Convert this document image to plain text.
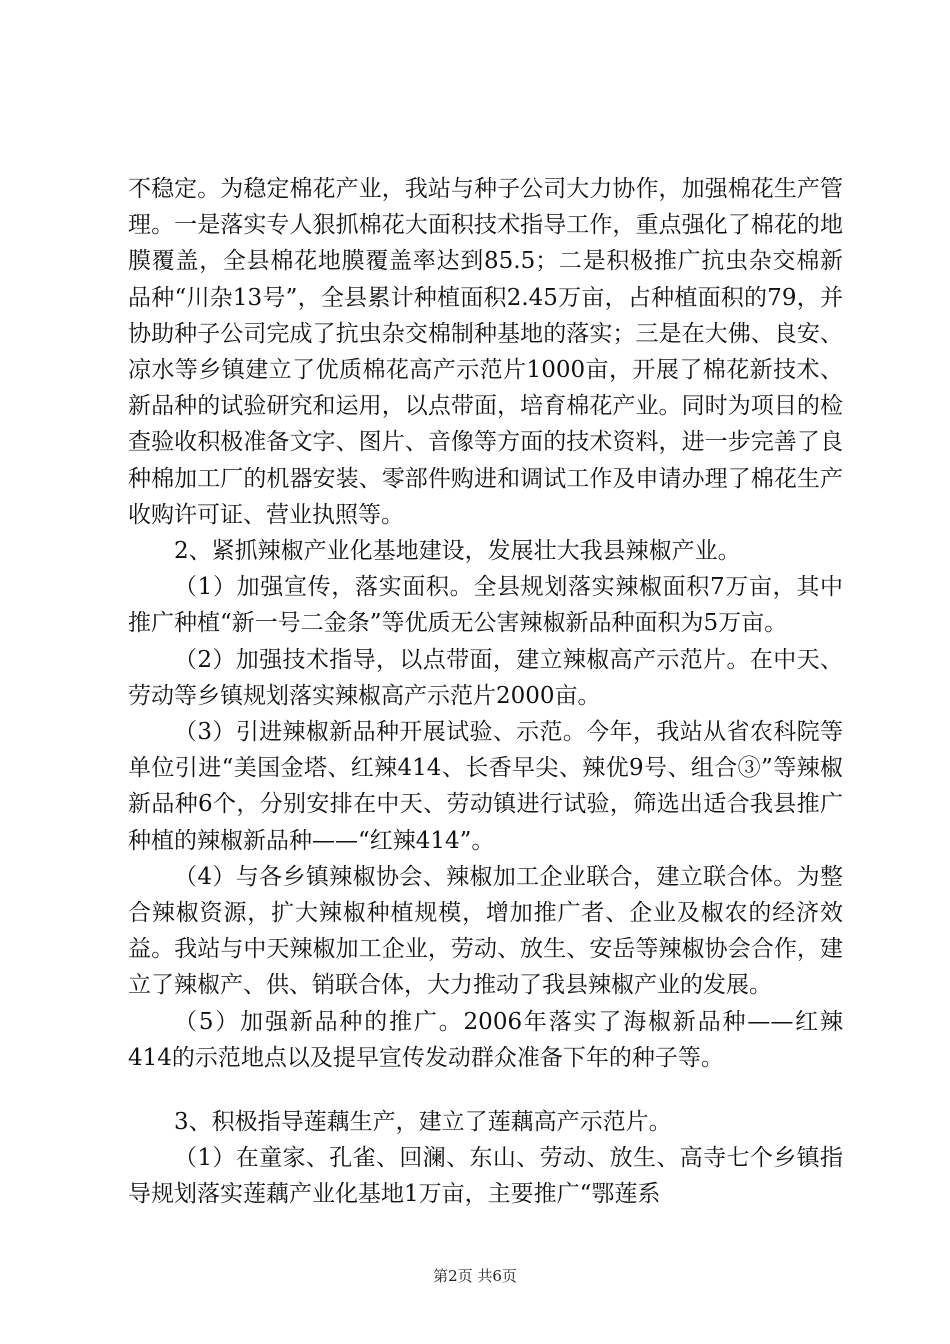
不稳定。为稳定棉花产业，我站与种子公司大力协作，加强棉花生产管理。一是落实专人狠抓棉花大面积技术指导工作，重点强化了棉花的地膜覆盖，全县棉花地膜覆盖率达到85.5；二是积极推广抗虫杂交棉新品种“川杂13号”，全县累计种植面积2.45万亩，占种植面积的79，并协助种子公司完成了抗虫杂交棉制种基地的落实；三是在大佛、良安、凉水等乡镇建立了优质棉花高产示范片1000亩，开展了棉花新技术、新品种的试验研究和运用，以点带面，培育棉花产业。同时为项目的检查验收积极准备文字、图片、音像等方面的技术资料，进一步完善了良种棉加工厂的机器安装、零部件购进和调试工作及申请办理了棉花生产收购许可证、营业执照等。

2、紧抓辣椒产业化基地建设，发展壮大我县辣椒产业。

（1）加强宣传，落实面积。全县规划落实辣椒面积7万亩，其中推广种植“新一号二金条”等优质无公害辣椒新品种面积为5万亩。

（2）加强技术指导，以点带面，建立辣椒高产示范片。在中天、劳动等乡镇规划落实辣椒高产示范片2000亩。

（3）引进辣椒新品种开展试验、示范。今年，我站从省农科院等单位引进“美国金塔、红辣414、长香早尖、辣优9号、组合③”等辣椒新品种6个，分别安排在中天、劳动镇进行试验，筛选出适合我县推广种植的辣椒新品种——“红辣414”。

（4）与各乡镇辣椒协会、辣椒加工企业联合，建立联合体。为整合辣椒资源，扩大辣椒种植规模，增加推广者、企业及椒农的经济效益。我站与中天辣椒加工企业，劳动、放生、安岳等辣椒协会合作，建立了辣椒产、供、销联合体，大力推动了我县辣椒产业的发展。

（5）加强新品种的推广。2006年落实了海椒新品种——红辣414的示范地点以及提早宣传发动群众准备下年的种子等。

3、积极指导莲藕生产，建立了莲藕高产示范片。

（1）在童家、孔雀、回澜、东山、劳动、放生、高寺七个乡镇指导规划落实莲藕产业化基地1万亩，主要推广“鄂莲系

第2页 共6页
